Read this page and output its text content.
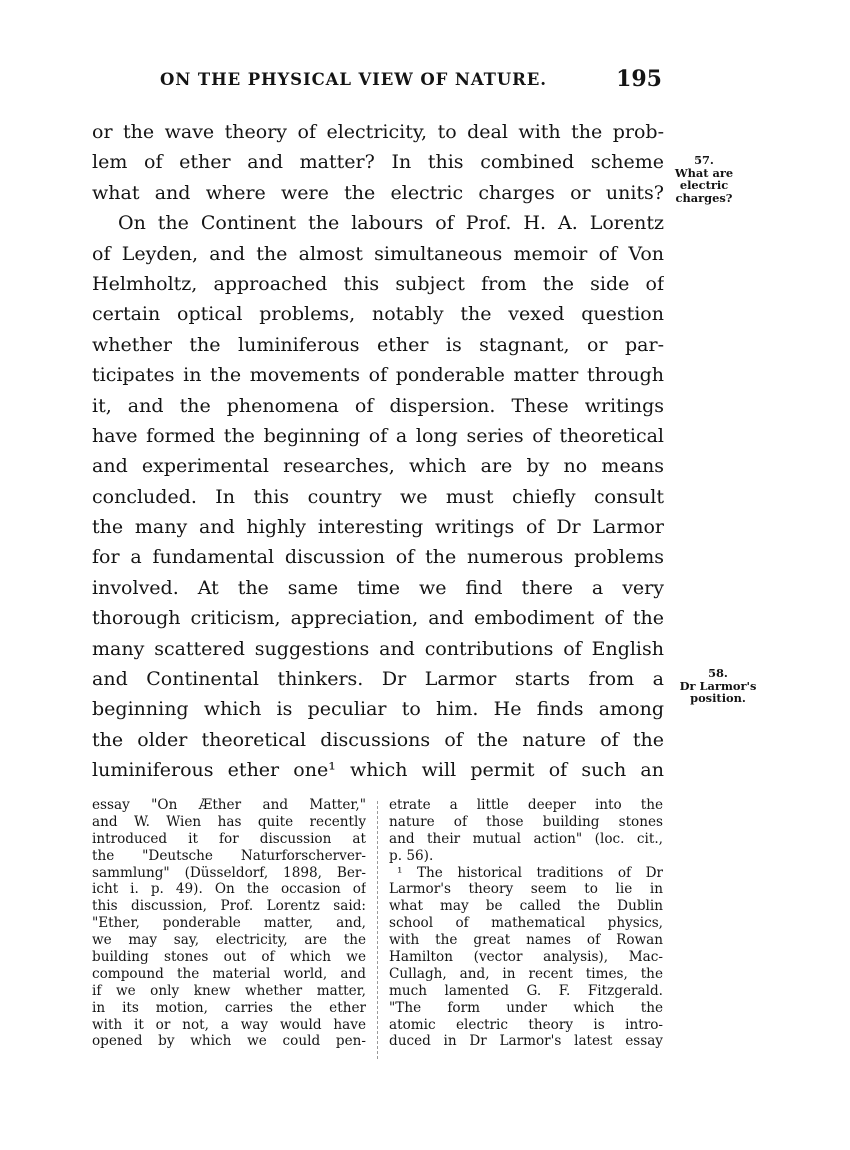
ON THE PHYSICAL VIEW OF NATURE.	195
or the wave theory of electricity, to deal with the prob-
lem of ether and matter? In this combined scheme
what and where were the electric charges or units?
On the Continent the labours of Prof. H. A. Lorentz
of Leyden, and the almost simultaneous memoir of Von
Helmholtz, approached this subject from the side of
certain optical problems, notably the vexed question
whether the luminiferous ether is stagnant, or par-
ticipates in the movements of ponderable matter through
it, and the phenomena of dispersion. These writings
have formed the beginning of a long series of theoretical
and experimental researches, which are by no means
concluded. In this country we must chiefly consult
the many and highly interesting writings of Dr Larmor
for a fundamental discussion of the numerous problems
involved. At the same time we find there a very
thorough criticism, appreciation, and embodiment of the
many scattered suggestions and contributions of English
and Continental thinkers. Dr Larmor starts from a
beginning which is peculiar to him. He finds among
the older theoretical discussions of the nature of the
luminiferous ether one¹ which will permit of such an
57.
What are
electric
charges?
58.
Dr Larmor's
position.
essay "On Æther and Matter,"
and W. Wien has quite recently
introduced it for discussion at
the "Deutsche Naturforscherver-
sammlung" (Düsseldorf, 1898, Ber-
icht i. p. 49). On the occasion of
this discussion, Prof. Lorentz said:
"Ether, ponderable matter, and,
we may say, electricity, are the
building stones out of which we
compound the material world, and
if we only knew whether matter,
in its motion, carries the ether
with it or not, a way would have
opened by which we could pen-
etrate a little deeper into the
nature of those building stones
and their mutual action" (loc. cit.,
p. 56).
¹ The historical traditions of Dr
Larmor's theory seem to lie in
what may be called the Dublin
school of mathematical physics,
with the great names of Rowan
Hamilton (vector analysis), Mac-
Cullagh, and, in recent times, the
much lamented G. F. Fitzgerald.
"The form under which the
atomic electric theory is intro-
duced in Dr Larmor's latest essay
